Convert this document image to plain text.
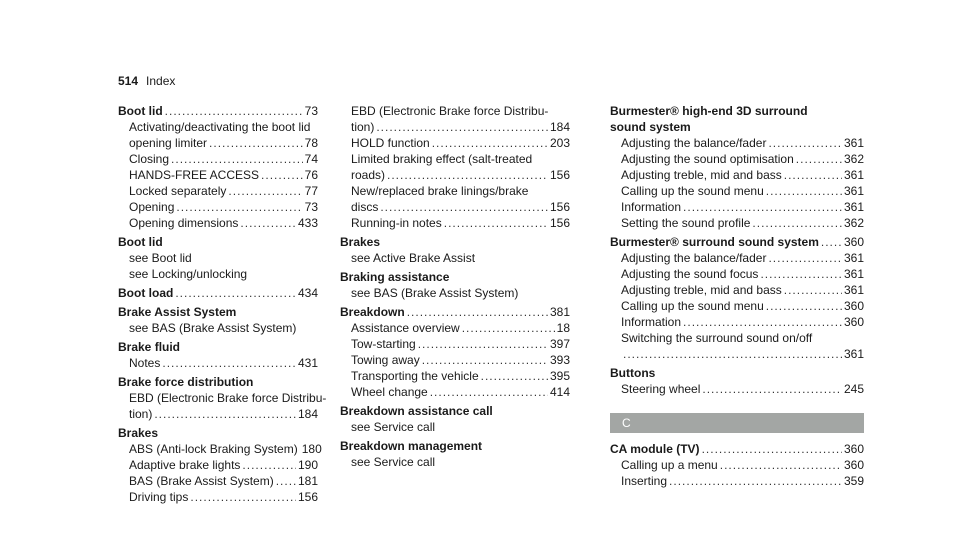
514 Index
Boot lid .....	73
Activating/deactivating the boot lid
opening limiter .....	78
Closing .....	74
HANDS-FREE ACCESS .....	76
Locked separately .....	77
Opening .....	73
Opening dimensions .....	433
Boot lid
see Boot lid
see Locking/unlocking
Boot load .....	434
Brake Assist System
see BAS (Brake Assist System)
Brake fluid
Notes .....	431
Brake force distribution
EBD (Electronic Brake force Distribu-
tion) .....	184
Brakes
ABS (Anti-lock Braking System) 180
Adaptive brake lights .....	190
BAS (Brake Assist System) ..... 181
Driving tips .....	156
EBD (Electronic Brake force Distribu-
tion) .....	184
HOLD function .....	203
Limited braking effect (salt-treated
roads) .....	156
New/replaced brake linings/brake
discs .....	156
Running-in notes .....	156
Brakes
see Active Brake Assist
Braking assistance
see BAS (Brake Assist System)
Breakdown .....	381
Assistance overview .....	18
Tow-starting .....	397
Towing away .....	393
Transporting the vehicle .....	395
Wheel change .....	414
Breakdown assistance call
see Service call
Breakdown management
see Service call
Burmester® high-end 3D surround
sound system
Adjusting the balance/fader .....	361
Adjusting the sound optimisation .....	362
Adjusting treble, mid and bass .....	361
Calling up the sound menu .....	361
Information .....	361
Setting the sound profile .....	362
Burmester® surround sound system ..... 360
Adjusting the balance/fader .....	361
Adjusting the sound focus .....	361
Adjusting treble, mid and bass .....	361
Calling up the sound menu .....	360
Information .....	360
Switching the surround sound on/off
.....
361
Buttons
Steering wheel .....	245
C
CA module (TV) .....	360
Calling up a menu .....	360
Inserting .....	359
